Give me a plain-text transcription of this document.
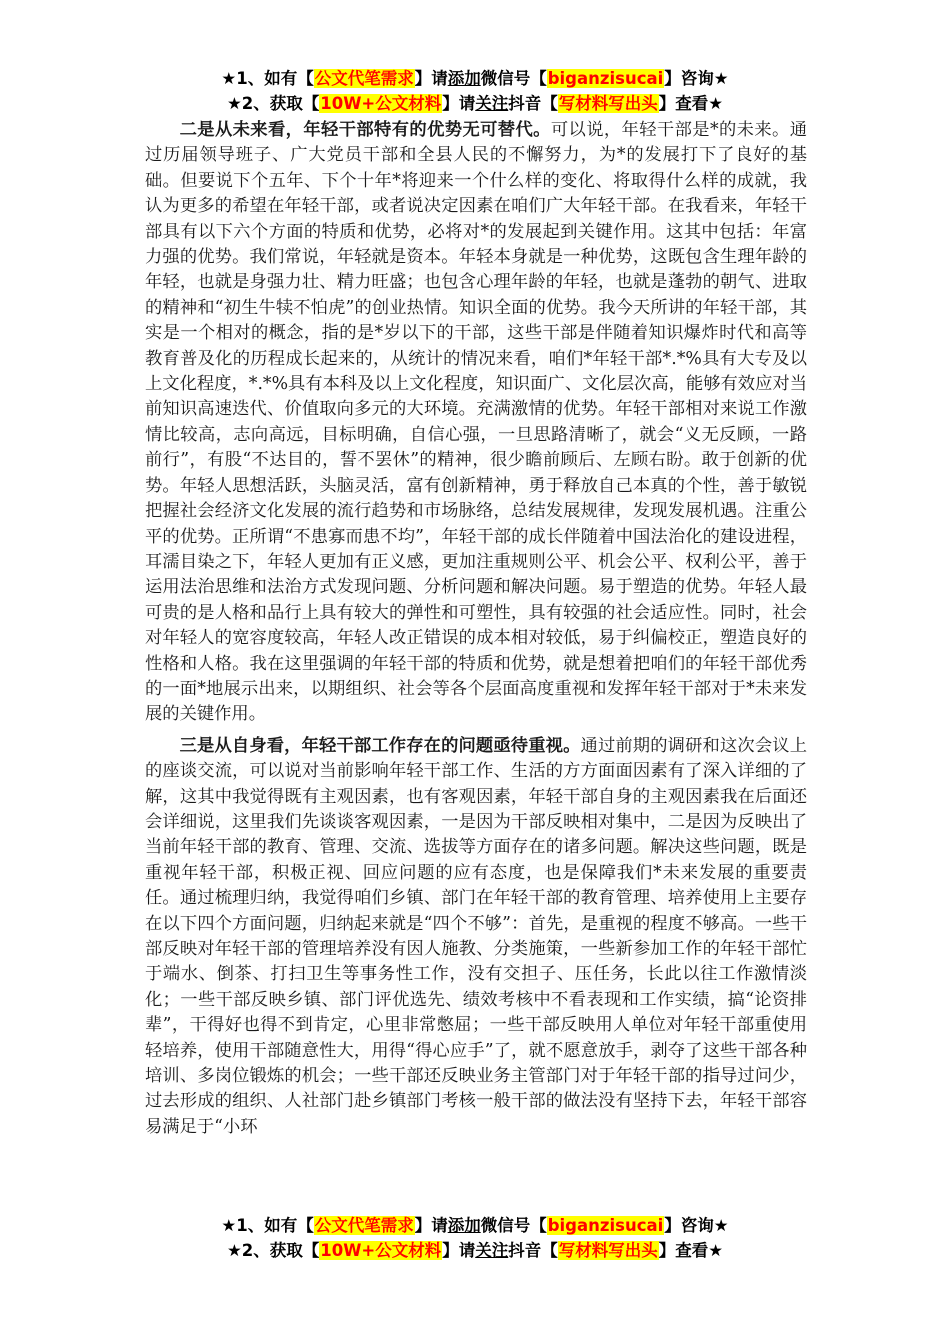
★1、如有【公文代笔需求】请添加微信号【biganzisucai】咨询★
★2、获取【10W+公文材料】请关注抖音【写材料写出头】查看★

二是从未来看，年轻干部特有的优势无可替代。可以说，年轻干部是*的未来。通过历届领导班子、广大党员干部和全县人民的不懈努力，为*的发展打下了良好的基础。但要说下个五年、下个十年*将迎来一个什么样的变化、将取得什么样的成就，我认为更多的希望在年轻干部，或者说决定因素在咱们广大年轻干部。在我看来，年轻干部具有以下六个方面的特质和优势，必将对*的发展起到关键作用。这其中包括：年富力强的优势。我们常说，年轻就是资本。年轻本身就是一种优势，这既包含生理年龄的年轻，也就是身强力壮、精力旺盛；也包含心理年龄的年轻，也就是蓬勃的朝气、进取的精神和“初生牛犊不怕虎”的创业热情。知识全面的优势。我今天所讲的年轻干部，其实是一个相对的概念，指的是*岁以下的干部，这些干部是伴随着知识爆炸时代和高等教育普及化的历程成长起来的，从统计的情况来看，咱们*年轻干部*.*%具有大专及以上文化程度，*.*%具有本科及以上文化程度，知识面广、文化层次高，能够有效应对当前知识高速迭代、价值取向多元的大环境。充满激情的优势。年轻干部相对来说工作激情比较高，志向高远，目标明确，自信心强，一旦思路清晰了，就会“义无反顾，一路前行”，有股“不达目的，誓不罢休”的精神，很少瞻前顾后、左顾右盼。敢于创新的优势。年轻人思想活跃，头脑灵活，富有创新精神，勇于释放自己本真的个性，善于敏锐把握社会经济文化发展的流行趋势和市场脉络，总结发展规律，发现发展机遇。注重公平的优势。正所谓“不患寡而患不均”，年轻干部的成长伴随着中国法治化的建设进程，耳濡目染之下，年轻人更加有正义感，更加注重规则公平、机会公平、权利公平，善于运用法治思维和法治方式发现问题、分析问题和解决问题。易于塑造的优势。年轻人最可贵的是人格和品行上具有较大的弹性和可塑性，具有较强的社会适应性。同时，社会对年轻人的宽容度较高，年轻人改正错误的成本相对较低，易于纠偏校正，塑造良好的性格和人格。我在这里强调的年轻干部的特质和优势，就是想着把咱们的年轻干部优秀的一面*地展示出来，以期组织、社会等各个层面高度重视和发挥年轻干部对于*未来发展的关键作用。

三是从自身看，年轻干部工作存在的问题亟待重视。通过前期的调研和这次会议上的座谈交流，可以说对当前影响年轻干部工作、生活的方方面面因素有了深入详细的了解，这其中我觉得既有主观因素，也有客观因素，年轻干部自身的主观因素我在后面还会详细说，这里我们先谈谈客观因素，一是因为干部反映相对集中，二是因为反映出了当前年轻干部的教育、管理、交流、选拔等方面存在的诸多问题。解决这些问题，既是重视年轻干部，积极正视、回应问题的应有态度，也是保障我们*未来发展的重要责任。通过梳理归纳，我觉得咱们乡镇、部门在年轻干部的教育管理、培养使用上主要存在以下四个方面问题，归纳起来就是“四个不够”：首先，是重视的程度不够高。一些干部反映对年轻干部的管理培养没有因人施教、分类施策，一些新参加工作的年轻干部忙于端水、倒茶、打扫卫生等事务性工作，没有交担子、压任务，长此以往工作激情淡化；一些干部反映乡镇、部门评优选先、绩效考核中不看表现和工作实绩，搞“论资排辈”，干得好也得不到肯定，心里非常憋屈；一些干部反映用人单位对年轻干部重使用轻培养，使用干部随意性大，用得“得心应手”了，就不愿意放手，剥夺了这些干部各种培训、多岗位锻炼的机会；一些干部还反映业务主管部门对于年轻干部的指导过问少，过去形成的组织、人社部门赴乡镇部门考核一般干部的做法没有坚持下去，年轻干部容易满足于“小环

★1、如有【公文代笔需求】请添加微信号【biganzisucai】咨询★
★2、获取【10W+公文材料】请关注抖音【写材料写出头】查看★
